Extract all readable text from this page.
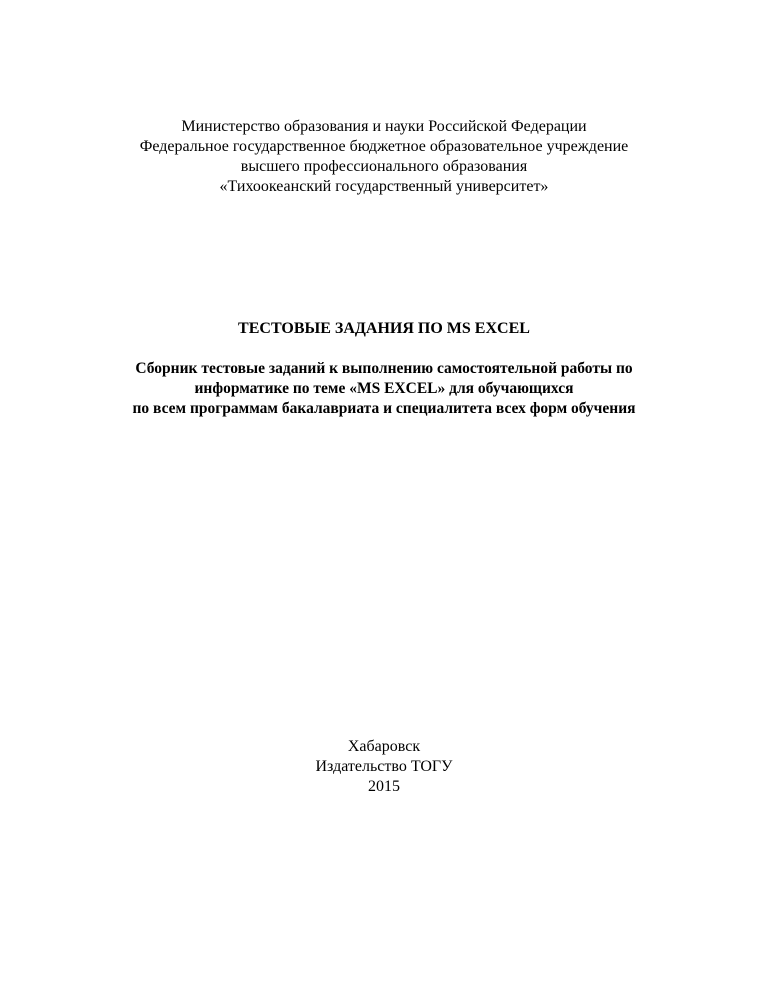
Министерство образования и науки Российской Федерации
Федеральное государственное бюджетное образовательное учреждение
высшего профессионального образования
«Тихоокеанский государственный университет»
ТЕСТОВЫЕ ЗАДАНИЯ ПО MS EXCEL
Сборник тестовые заданий к выполнению самостоятельной работы по
информатике по теме «MS EXCEL» для обучающихся
по всем программам бакалавриата и специалитета всех форм обучения
Хабаровск
Издательство ТОГУ
2015
